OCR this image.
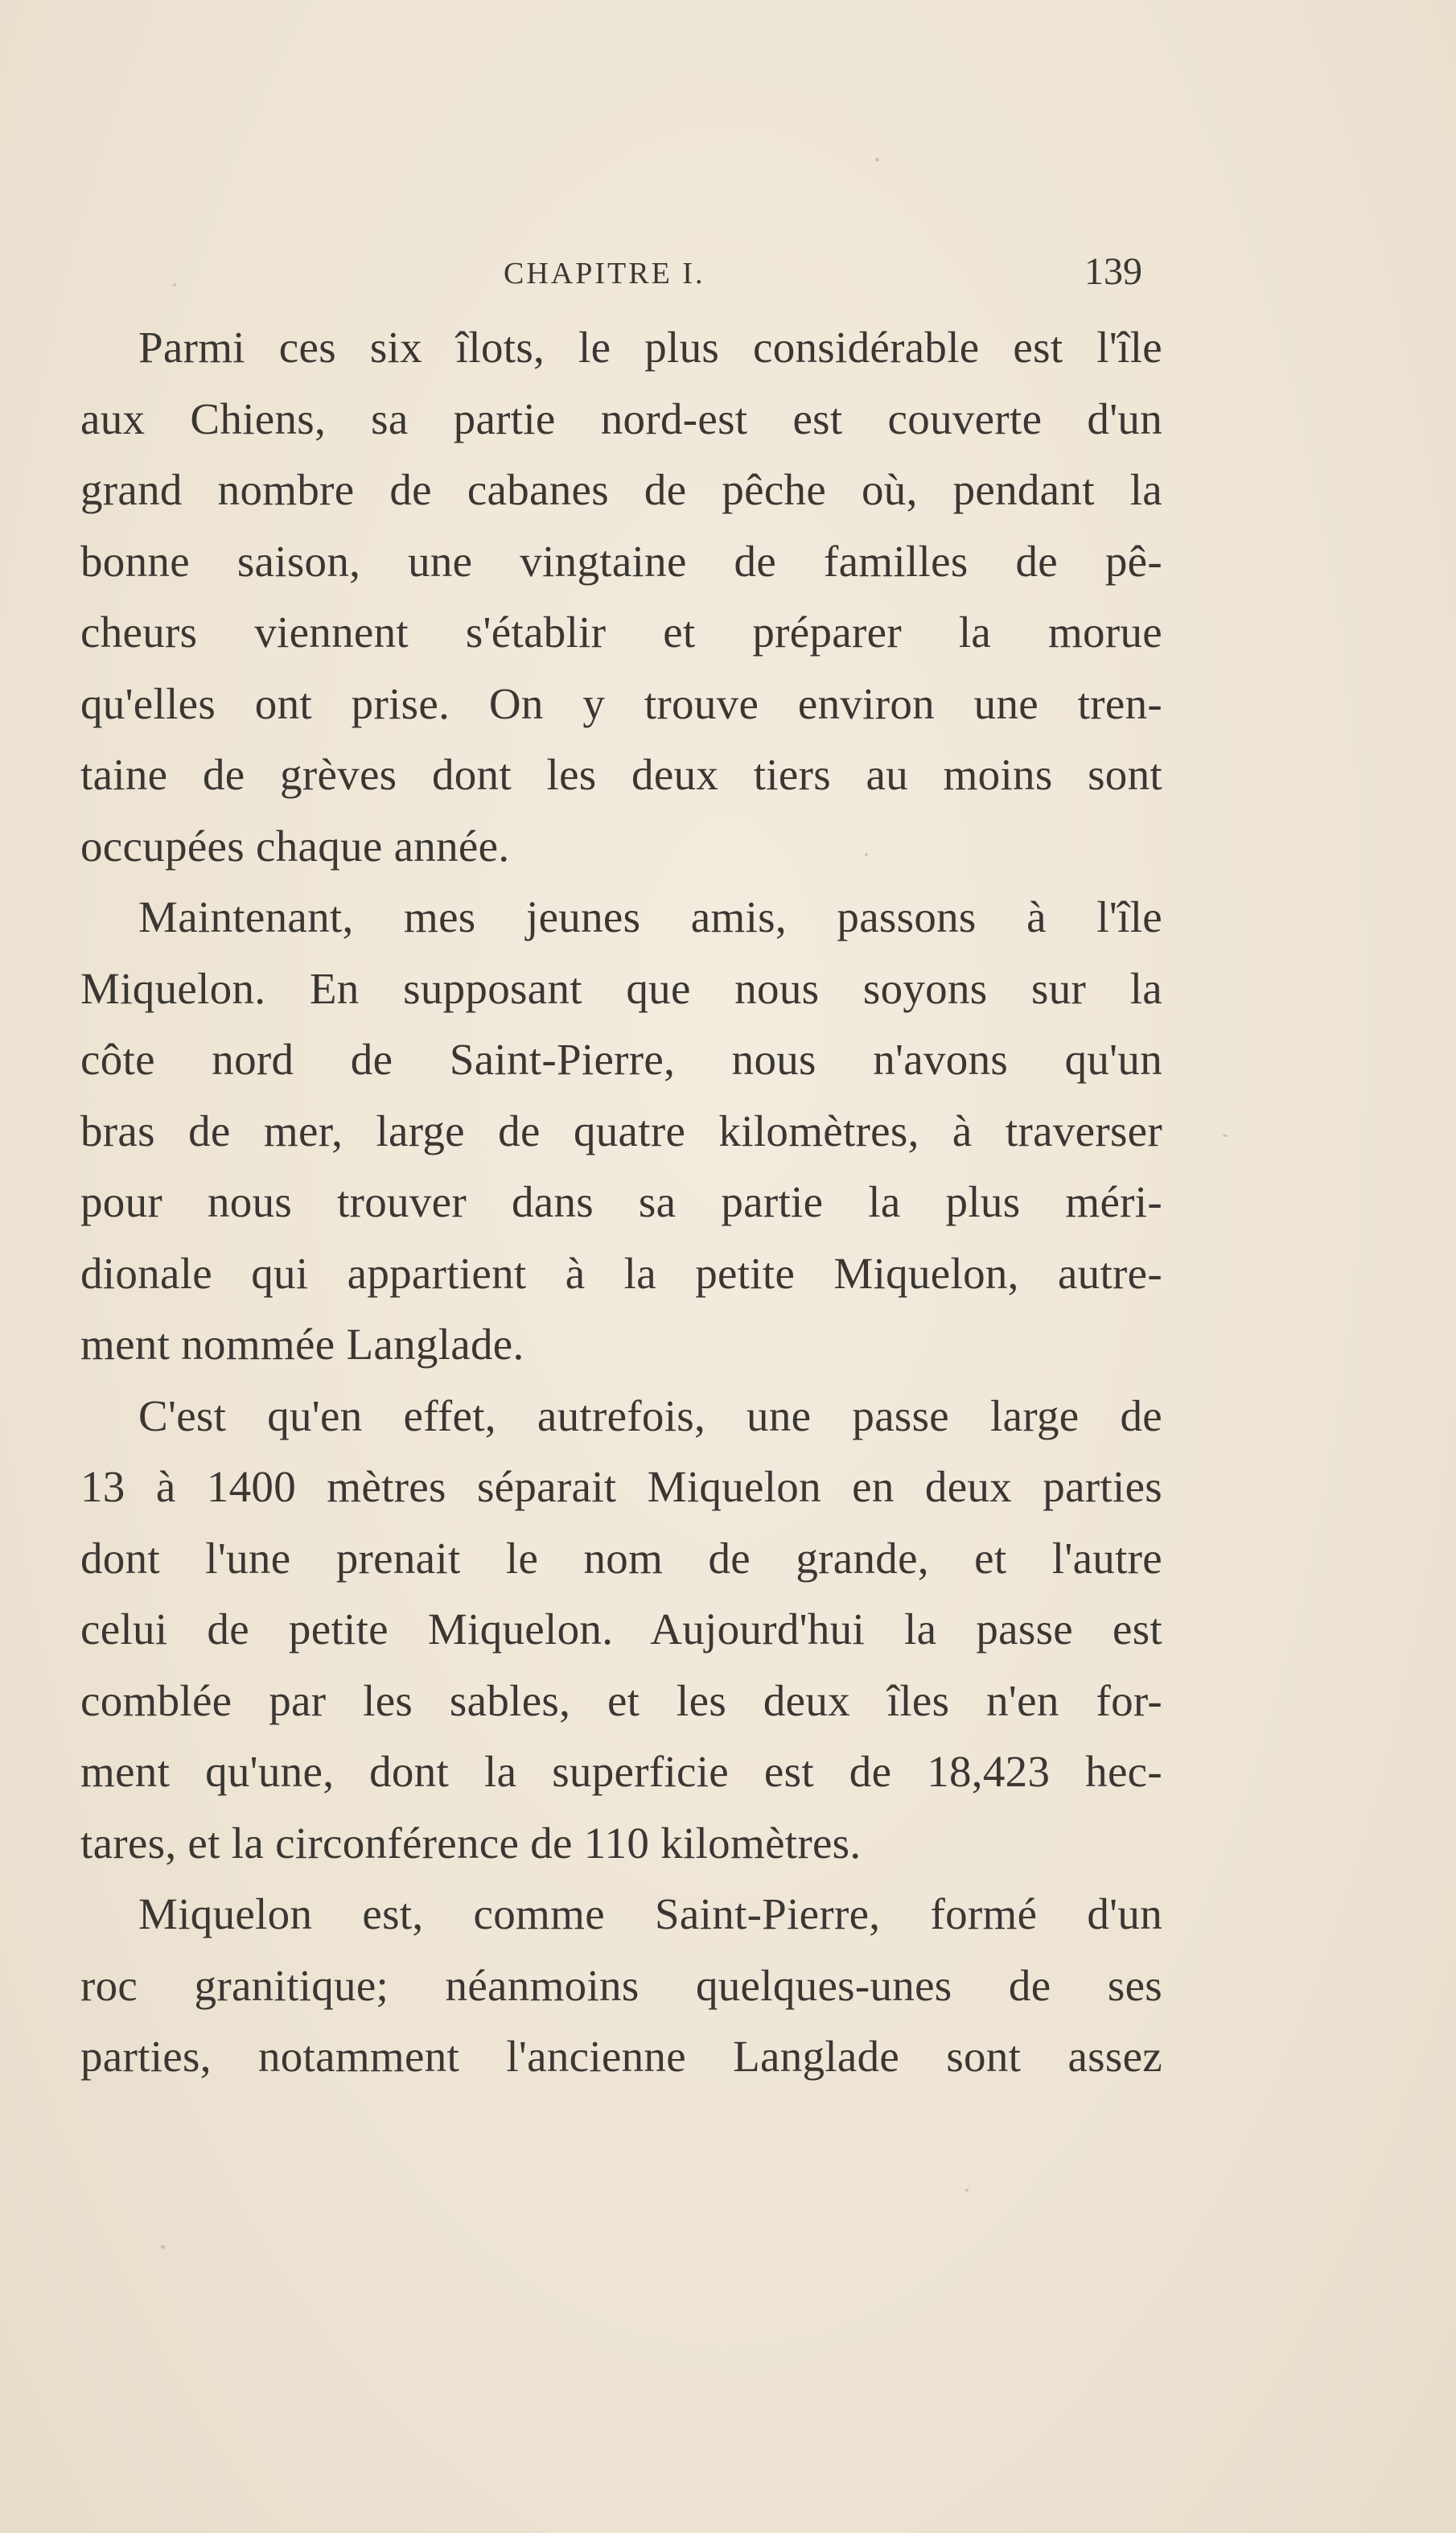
CHAPITRE I.	139
Parmi ces six îlots, le plus considérable est l'île
aux Chiens, sa partie nord-est est couverte d'un
grand nombre de cabanes de pêche où, pendant la
bonne saison, une vingtaine de familles de pê-
cheurs viennent s'établir et préparer la morue
qu'elles ont prise. On y trouve environ une tren-
taine de grèves dont les deux tiers au moins sont
occupées chaque année.
Maintenant, mes jeunes amis, passons à l'île
Miquelon. En supposant que nous soyons sur la
côte nord de Saint-Pierre, nous n'avons qu'un
bras de mer, large de quatre kilomètres, à traverser
pour nous trouver dans sa partie la plus méri-
dionale qui appartient à la petite Miquelon, autre-
ment nommée Langlade.
C'est qu'en effet, autrefois, une passe large de
13 à 1400 mètres séparait Miquelon en deux parties
dont l'une prenait le nom de grande, et l'autre
celui de petite Miquelon. Aujourd'hui la passe est
comblée par les sables, et les deux îles n'en for-
ment qu'une, dont la superficie est de 18,423 hec-
tares, et la circonférence de 110 kilomètres.
Miquelon est, comme Saint-Pierre, formé d'un
roc granitique; néanmoins quelques-unes de ses
parties, notamment l'ancienne Langlade sont assez
